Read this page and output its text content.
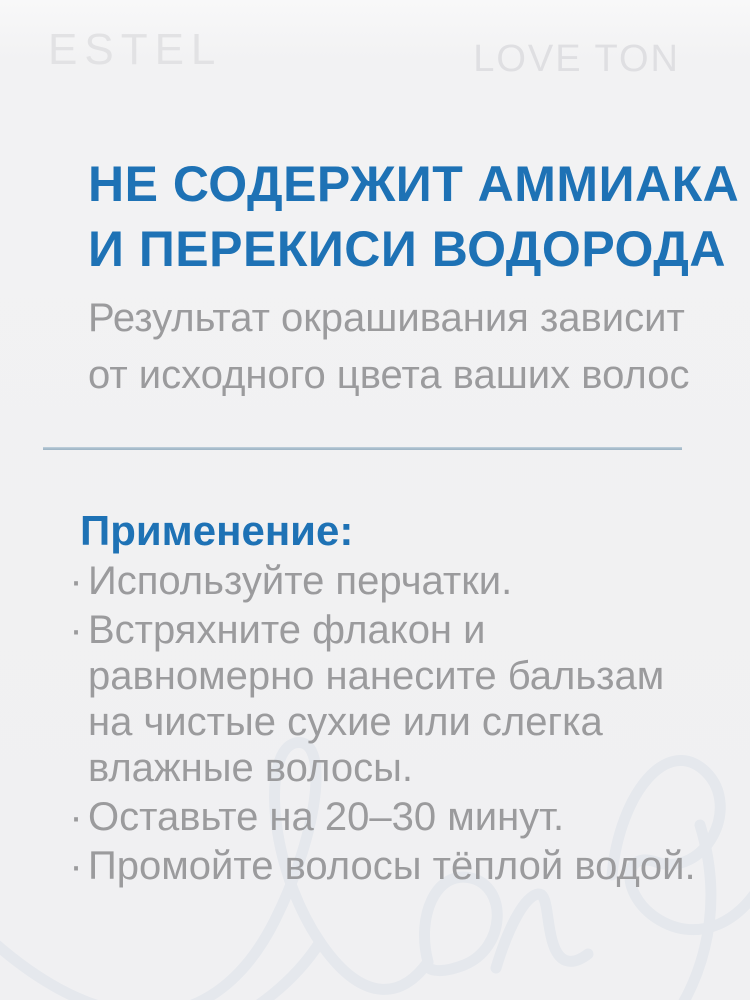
ESTEL	LOVE TON
НЕ СОДЕРЖИТ АММИАКА
И ПЕРЕКИСИ ВОДОРОДА

Результат окрашивания зависит
от исходного цвета ваших волос

Применение:
· Используйте перчатки.
· Встряхните флакон и равномерно нанесите бальзам на чистые сухие или слегка влажные волосы.
· Оставьте на 20–30 минут.
· Промойте волосы тёплой водой.
